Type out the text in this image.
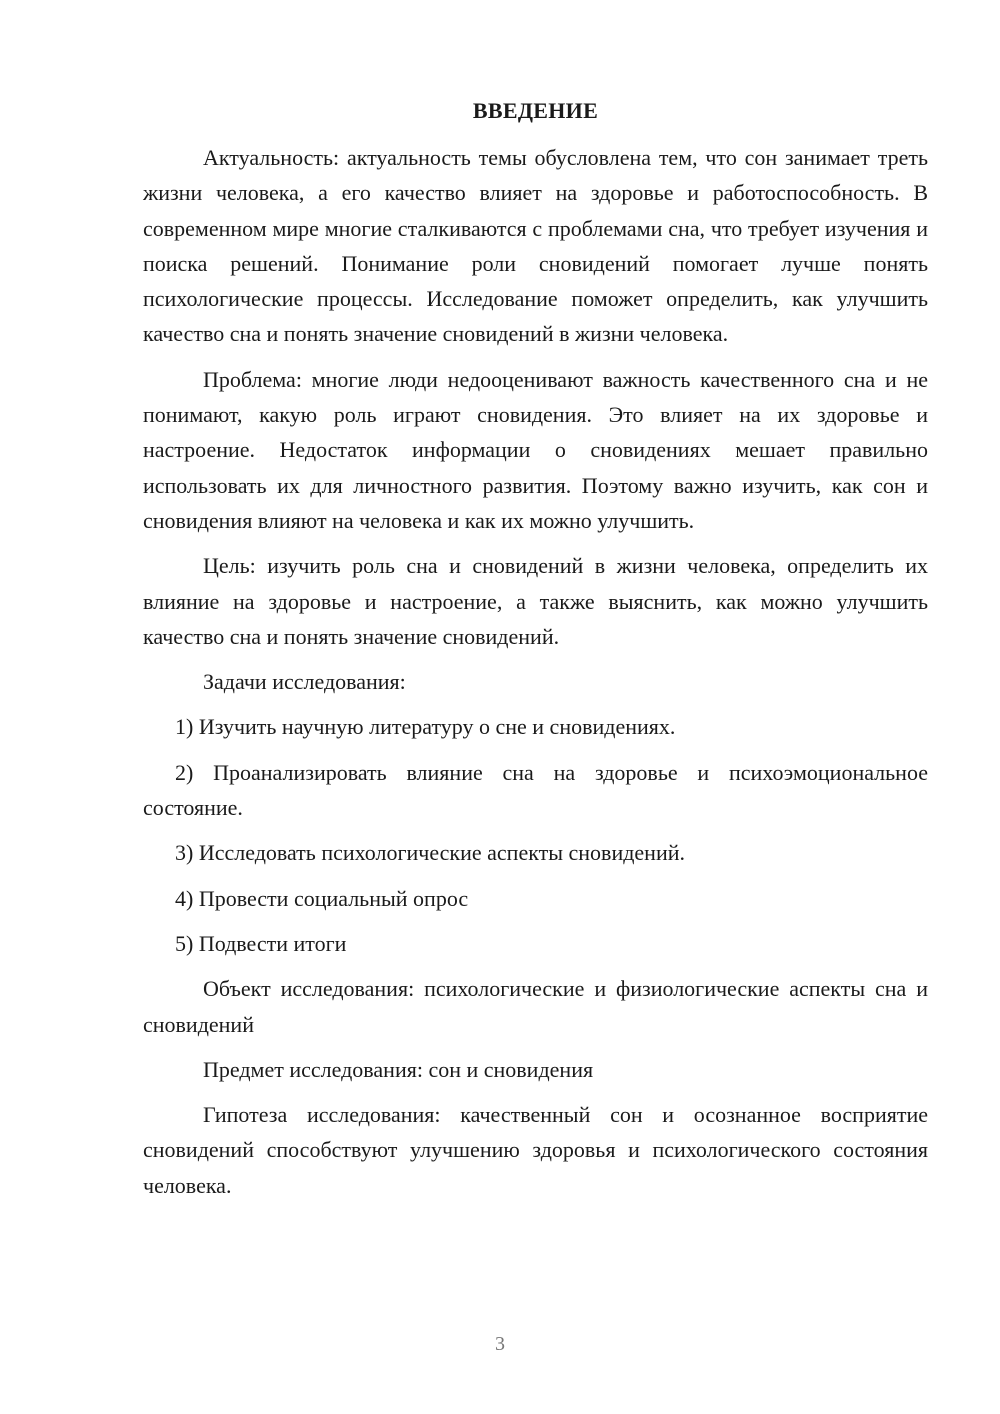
ВВЕДЕНИЕ

Актуальность: актуальность темы обусловлена тем, что сон занимает треть жизни человека, а его качество влияет на здоровье и работоспособность. В современном мире многие сталкиваются с проблемами сна, что требует изучения и поиска решений. Понимание роли сновидений помогает лучше понять психологические процессы. Исследование поможет определить, как улучшить качество сна и понять значение сновидений в жизни человека.

Проблема: многие люди недооценивают важность качественного сна и не понимают, какую роль играют сновидения. Это влияет на их здоровье и настроение. Недостаток информации о сновидениях мешает правильно использовать их для личностного развития. Поэтому важно изучить, как сон и сновидения влияют на человека и как их можно улучшить.

Цель: изучить роль сна и сновидений в жизни человека, определить их влияние на здоровье и настроение, а также выяснить, как можно улучшить качество сна и понять значение сновидений.

Задачи исследования:

1) Изучить научную литературу о сне и сновидениях.

2) Проанализировать влияние сна на здоровье и психоэмоциональное состояние.

3) Исследовать психологические аспекты сновидений.

4) Провести социальный опрос

5) Подвести итоги

Объект исследования: психологические и физиологические аспекты сна и сновидений

Предмет исследования: сон и сновидения

Гипотеза исследования: качественный сон и осознанное восприятие сновидений способствуют улучшению здоровья и психологического состояния человека.

3
